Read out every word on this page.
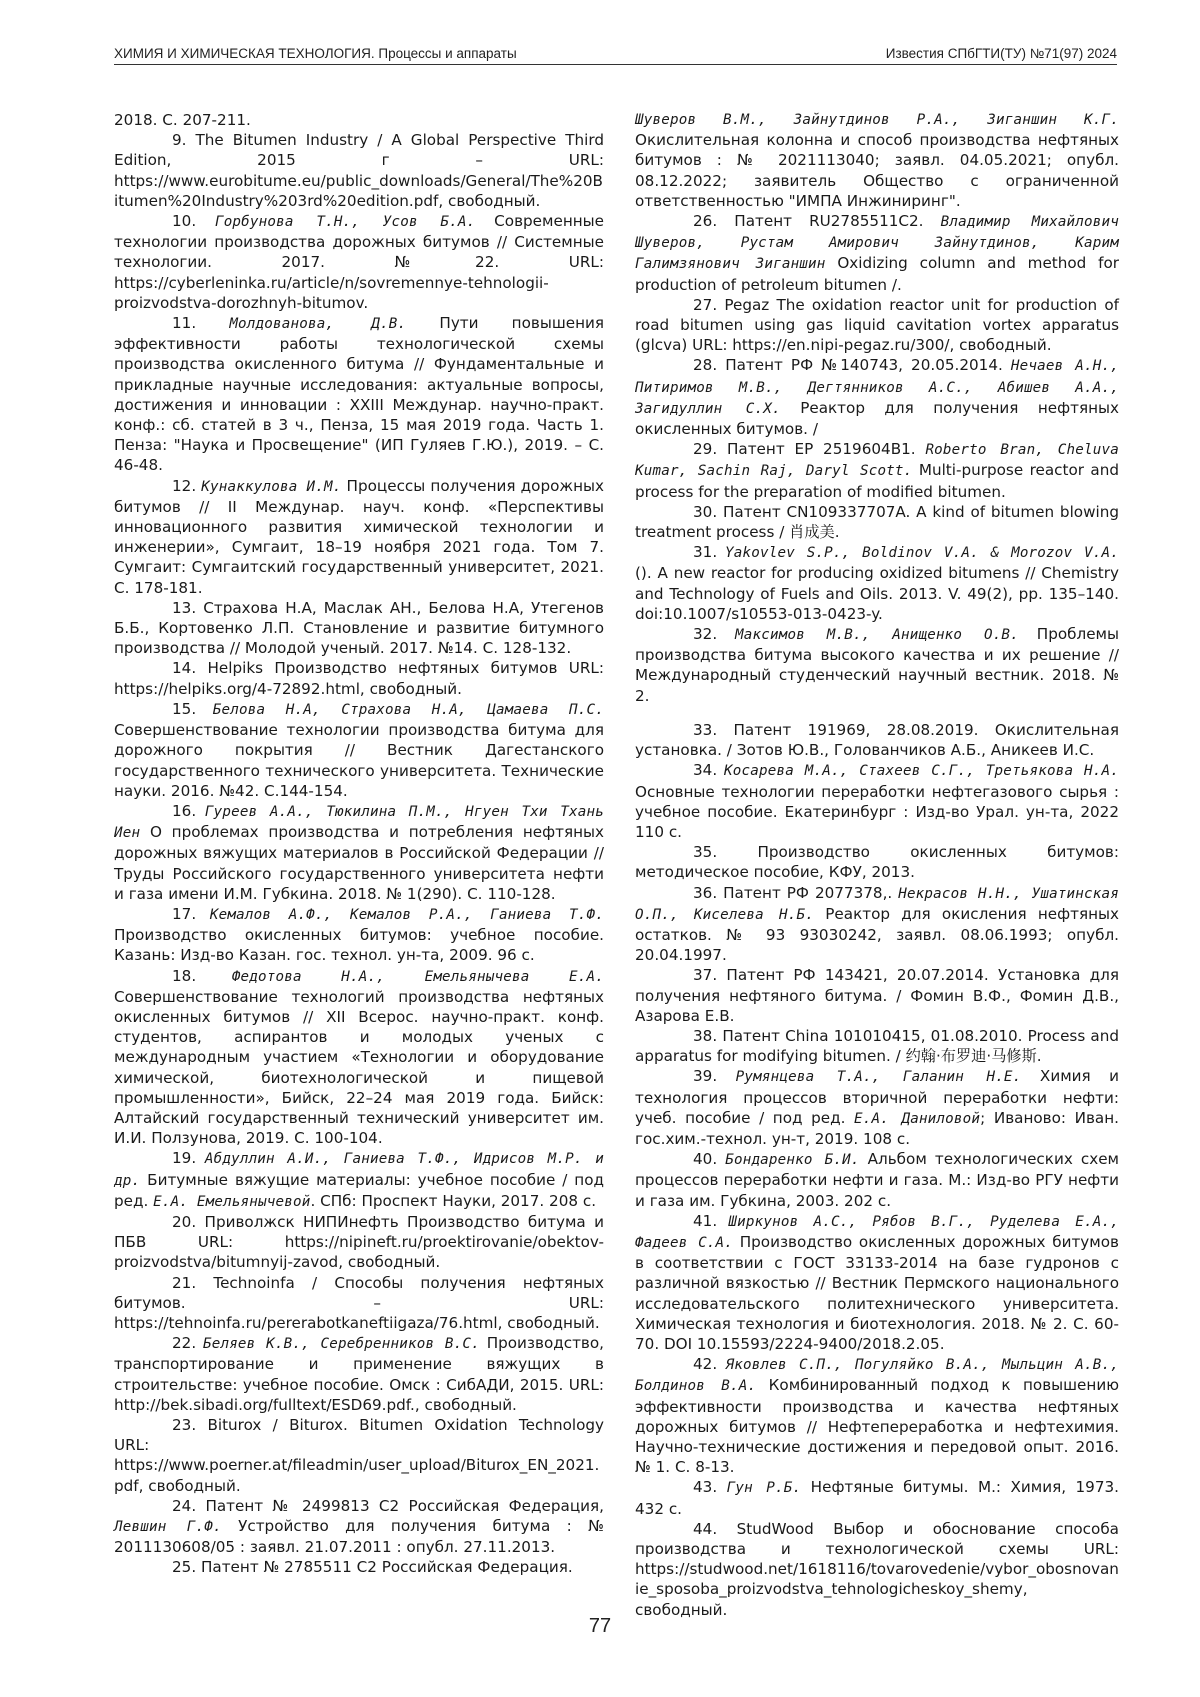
ХИМИЯ И ХИМИЧЕСКАЯ ТЕХНОЛОГИЯ. Процессы и аппараты	Известия СПбГТИ(ТУ) №71(97) 2024

2018. С. 207-211.

9. The Bitumen Industry / A Global Perspective Third Edition, 2015 г – URL: https://www.eurobitume.eu/public_downloads/General/The%20Bitumen%20Industry%203rd%20edition.pdf, свободный.

10. Горбунова Т.Н., Усов Б.А. Современные технологии производства дорожных битумов // Системные технологии. 2017. №22. URL: https://cyberleninka.ru/article/n/sovremennye-tehnologii-proizvodstva-dorozhnyh-bitumov.

11. Молдованова, Д.В. Пути повышения эффективности работы технологической схемы производства окисленного битума // Фундаментальные и прикладные научные исследования: актуальные вопросы, достижения и инновации : XXIII Междунар. научно-практ. конф.: сб. статей в 3 ч., Пенза, 15 мая 2019 года. Часть 1. Пенза: "Наука и Просвещение" (ИП Гуляев Г.Ю.), 2019. – С. 46-48.

12. Кунаккулова И.М. Процессы получения дорожных битумов // II Междунар. науч. конф. «Перспективы инновационного развития химической технологии и инженерии», Сумгаит, 18–19 ноября 2021 года. Том 7. Сумгаит: Сумгаитский государственный университет, 2021. С. 178-181.

13. Страхова Н.А, Маслак АН., Белова Н.А, Утегенов Б.Б., Кортовенко Л.П. Становление и развитие битумного производства // Молодой ученый. 2017. №14. С. 128-132.

14. Helpiks Производство нефтяных битумов URL: https://helpiks.org/4-72892.html, свободный.

15. Белова Н.А, Страхова Н.А, Цамаева П.С. Совершенствование технологии производства битума для дорожного покрытия // Вестник Дагестанского государственного технического университета. Технические науки. 2016. №42. С.144-154.

16. Гуреев А.А., Тюкилина П.М., Нгуен Тхи Тхань Иен О проблемах производства и потребления нефтяных дорожных вяжущих материалов в Российской Федерации // Труды Российского государственного университета нефти и газа имени И.М. Губкина. 2018. № 1(290). С. 110-128.

17. Кемалов А.Ф., Кемалов Р.А., Ганиева Т.Ф. Производство окисленных битумов: учебное пособие. Казань: Изд-во Казан. гос. технол. ун-та, 2009. 96 с.

18. Федотова Н.А., Емельянычева Е.А. Совершенствование технологий производства нефтяных окисленных битумов // XII Всерос. научно-практ. конф. студентов, аспирантов и молодых ученых с международным участием «Технологии и оборудование химической, биотехнологической и пищевой промышленности», Бийск, 22–24 мая 2019 года. Бийск: Алтайский государственный технический университет им. И.И. Ползунова, 2019. С. 100-104.

19. Абдуллин А.И., Ганиева Т.Ф., Идрисов М.Р. и др. Битумные вяжущие материалы: учебное пособие / под ред. Е.А. Емельянычевой. СПб: Проспект Науки, 2017. 208 с.

20. Приволжск НИПИнефть Производство битума и ПБВ URL: https://nipineft.ru/proektirovanie/obektov-proizvodstva/bitumnyij-zavod, свободный.

21. Technoinfa / Способы получения нефтяных битумов. – URL: https://tehnoinfa.ru/pererabotkaneftiigaza/76.html, свободный.

22. Беляев К.В., Серебренников В.С. Производство, транспортирование и применение вяжущих в строительстве: учебное пособие. Омск : СибАДИ, 2015. URL: http://bek.sibadi.org/fulltext/ESD69.pdf., свободный.

23. Biturox / Biturox. Bitumen Oxidation Technology URL: https://www.poerner.at/fileadmin/user_upload/Biturox_EN_2021.pdf, свободный.

24. Патент № 2499813 C2 Российская Федерация, Левшин Г.Ф. Устройство для получения битума : № 2011130608/05 : заявл. 21.07.2011 : опубл. 27.11.2013.

25. Патент № 2785511 C2 Российская Федерация.

Шуверов В.М., Зайнутдинов Р.А., Зиганшин К.Г. Окислительная колонна и способ производства нефтяных битумов : № 2021113040; заявл. 04.05.2021; опубл. 08.12.2022; заявитель Общество с ограниченной ответственностью "ИМПА Инжиниринг".

26. Патент RU2785511C2. Владимир Михайлович Шуверов, Рустам Амирович Зайнутдинов, Карим Галимзянович Зиганшин Oxidizing column and method for production of petroleum bitumen /.

27. Pegaz The oxidation reactor unit for production of road bitumen using gas liquid cavitation vortex apparatus (glcva) URL: https://en.nipi-pegaz.ru/300/, свободный.

28. Патент РФ №140743, 20.05.2014. Нечаев А.Н., Питиримов М.В., Дегтянников А.С., Абишев А.А., Загидуллин С.Х. Реактор для получения нефтяных окисленных битумов. /

29. Патент EP 2519604B1. Roberto Bran, Cheluva Kumar, Sachin Raj, Daryl Scott. Multi-purpose reactor and process for the preparation of modified bitumen.

30. Патент CN109337707A. A kind of bitumen blowing treatment process / 肖成美.

31. Yakovlev S.P., Boldinov V.A. & Morozov V.A. (). A new reactor for producing oxidized bitumens // Chemistry and Technology of Fuels and Oils. 2013. V. 49(2), pp. 135–140. doi:10.1007/s10553-013-0423-y.

32. Максимов М.В., Анищенко О.В. Проблемы производства битума высокого качества и их решение // Международный студенческий научный вестник. 2018. № 2.

33. Патент 191969, 28.08.2019. Окислительная установка. / Зотов Ю.В., Голованчиков А.Б., Аникеев И.С.

34. Косарева М.А., Стахеев С.Г., Третьякова Н.А. Основные технологии переработки нефтегазового сырья : учебное пособие. Екатеринбург : Изд-во Урал. ун-та, 2022 110 с.

35. Производство окисленных битумов: методическое пособие, КФУ, 2013.

36. Патент РФ 2077378,. Некрасов Н.Н., Ушатинская О.П., Киселева Н.Б. Реактор для окисления нефтяных остатков. № 93 93030242, заявл. 08.06.1993; опубл. 20.04.1997.

37. Патент РФ 143421, 20.07.2014. Установка для получения нефтяного битума. / Фомин В.Ф., Фомин Д.В., Азарова Е.В.

38. Патент China 101010415, 01.08.2010. Process and apparatus for modifying bitumen. / 约翰·布罗迪·马修斯.

39. Румянцева Т.А., Галанин Н.Е. Химия и технология процессов вторичной переработки нефти: учеб. пособие / под ред. Е.А. Даниловой; Иваново: Иван. гос.хим.-технол. ун-т, 2019. 108 с.

40. Бондаренко Б.И. Альбом технологических схем процессов переработки нефти и газа. М.: Изд-во РГУ нефти и газа им. Губкина, 2003. 202 с.

41. Ширкунов А.С., Рябов В.Г., Руделева Е.А., Фадеев С.А. Производство окисленных дорожных битумов в соответствии с ГОСТ 33133-2014 на базе гудронов с различной вязкостью // Вестник Пермского национального исследовательского политехнического университета. Химическая технология и биотехнология. 2018. № 2. С. 60-70. DOI 10.15593/2224-9400/2018.2.05.

42. Яковлев С.П., Погуляйко В.А., Мыльцин А.В., Болдинов В.А. Комбинированный подход к повышению эффективности производства и качества нефтяных дорожных битумов // Нефтепереработка и нефтехимия. Научно-технические достижения и передовой опыт. 2016. № 1. С. 8-13.

43. Гун Р.Б. Нефтяные битумы. М.: Химия, 1973. 432 с.

44. StudWood Выбор и обоснование способа производства и технологической схемы URL: https://studwood.net/1618116/tovarovedenie/vybor_obosnovanie_sposoba_proizvodstva_tehnologicheskoy_shemy, свободный.

77
